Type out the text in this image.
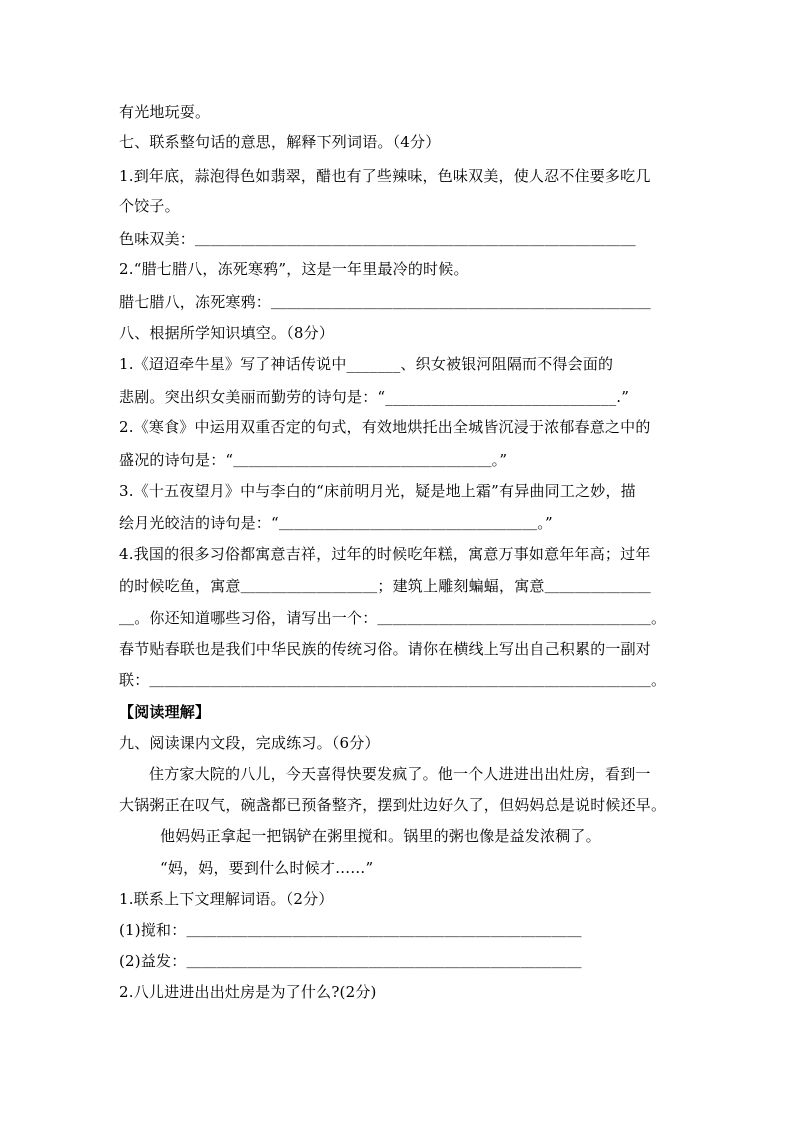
有光地玩耍。
七、联系整句话的意思，解释下列词语。（4分）
1.到年底，蒜泡得色如翡翠，醋也有了些辣味，色味双美，使人忍不住要多吃几
个饺子。
色味双美：＿＿＿＿＿＿＿＿＿＿＿＿＿＿＿＿＿＿＿＿＿＿＿＿＿＿＿＿＿
2.“腊七腊八，冻死寒鸦”，这是一年里最冷的时候。
腊七腊八，冻死寒鸦：＿＿＿＿＿＿＿＿＿＿＿＿＿＿＿＿＿＿＿＿＿＿＿＿＿
八、根据所学知识填空。（8分）
1.《迢迢牵牛星》写了神话传说中_______、织女被银河阻隔而不得会面的
悲剧。突出织女美丽而勤劳的诗句是：“______________________________.”
2.《寒食》中运用双重否定的句式，有效地烘托出全城皆沉浸于浓郁春意之中的
盛况的诗句是：“＿＿＿＿＿＿＿＿＿＿＿＿＿＿＿＿＿。”
3.《十五夜望月》中与李白的“床前明月光，疑是地上霜”有异曲同工之妙，描
绘月光皎洁的诗句是：“＿＿＿＿＿＿＿＿＿＿＿＿＿＿＿＿＿。”
4.我国的很多习俗都寓意吉祥，过年的时候吃年糕，寓意万事如意年年高；过年
的时候吃鱼，寓意＿＿＿＿＿＿＿＿＿；建筑上雕刻蝙蝠，寓意＿＿＿＿＿＿＿
＿。你还知道哪些习俗，请写出一个：＿＿＿＿＿＿＿＿＿＿＿＿＿＿＿＿＿＿。
春节贴春联也是我们中华民族的传统习俗。请你在横线上写出自己积累的一副对
联：＿＿＿＿＿＿＿＿＿＿＿＿＿＿＿＿＿＿＿＿＿＿＿＿＿＿＿＿＿＿＿＿＿。
【阅读理解】
九、阅读课内文段，完成练习。（6分）
住方家大院的八儿，今天喜得快要发疯了。他一个人进进出出灶房，看到一
大锅粥正在叹气，碗盏都已预备整齐，摆到灶边好久了，但妈妈总是说时候还早。
他妈妈正拿起一把锅铲在粥里搅和。锅里的粥也像是益发浓稠了。
“妈，妈，要到什么时候才……”
1.联系上下文理解词语。（2分）
(1)搅和：＿＿＿＿＿＿＿＿＿＿＿＿＿＿＿＿＿＿＿＿＿＿＿＿＿＿
(2)益发：＿＿＿＿＿＿＿＿＿＿＿＿＿＿＿＿＿＿＿＿＿＿＿＿＿＿
2.八儿进进出出灶房是为了什么?(2分)
